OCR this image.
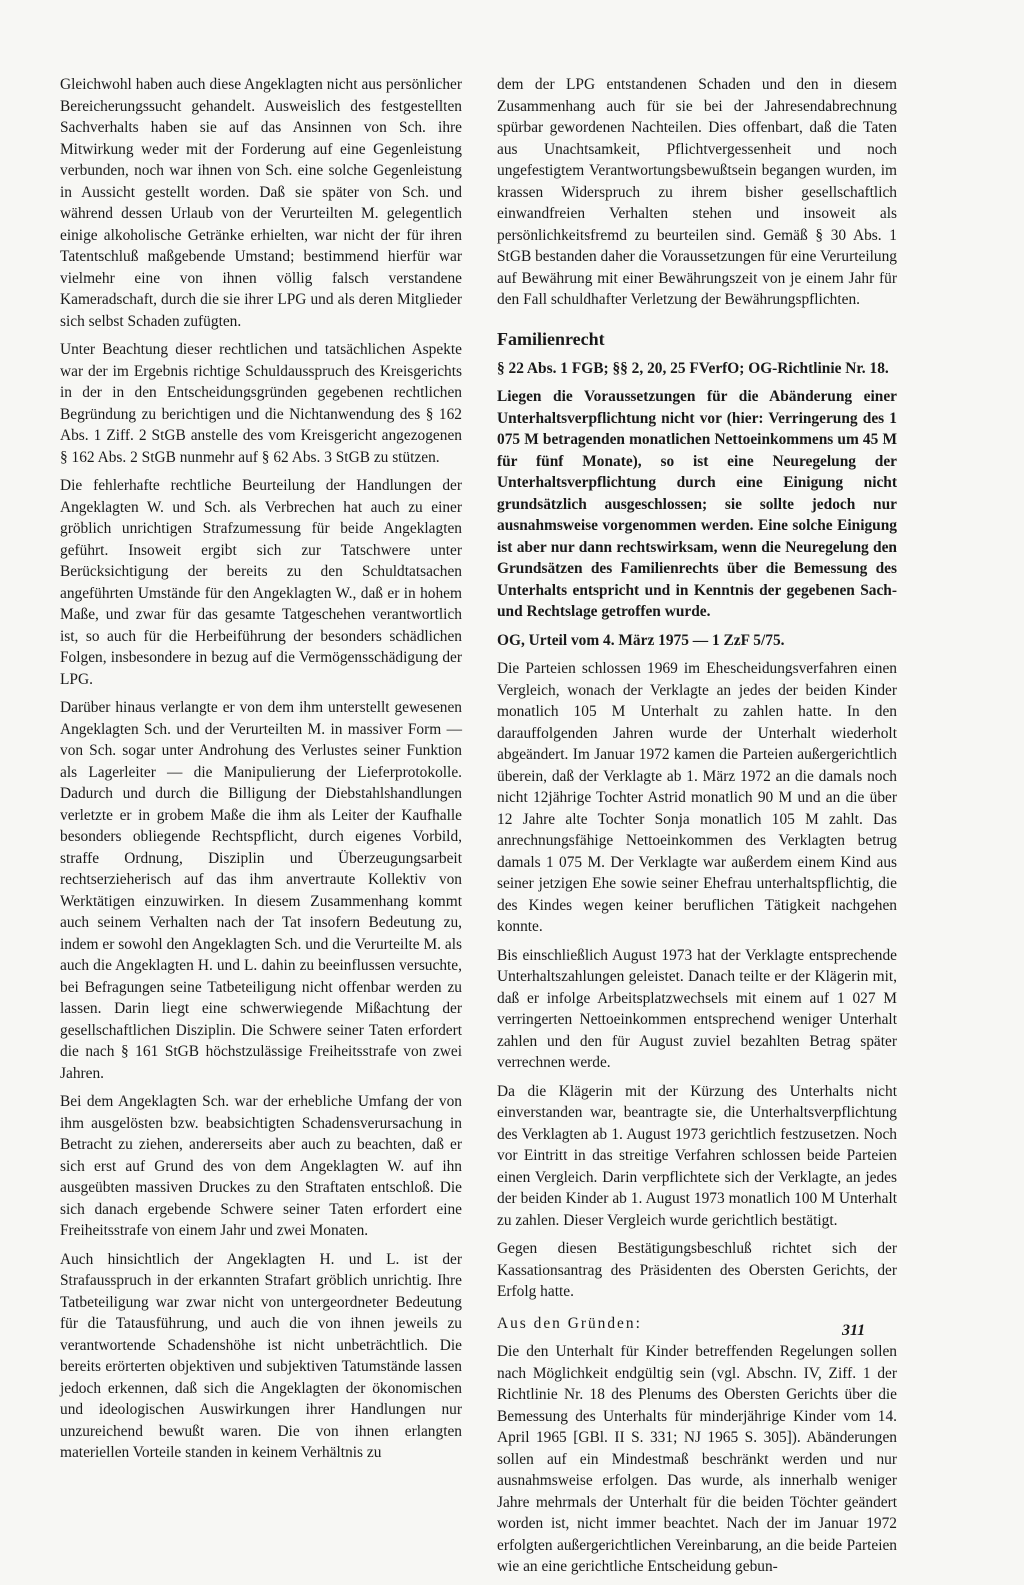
Gleichwohl haben auch diese Angeklagten nicht aus persönlicher Bereicherungssucht gehandelt. Ausweislich des festgestellten Sachverhalts haben sie auf das Ansinnen von Sch. ihre Mitwirkung weder mit der Forderung auf eine Gegenleistung verbunden, noch war ihnen von Sch. eine solche Gegenleistung in Aussicht gestellt worden. Daß sie später von Sch. und während dessen Urlaub von der Verurteilten M. gelegentlich einige alkoholische Getränke erhielten, war nicht der für ihren Tatentschluß maßgebende Umstand; bestimmend hierfür war vielmehr eine von ihnen völlig falsch verstandene Kameradschaft, durch die sie ihrer LPG und als deren Mitglieder sich selbst Schaden zufügten.

Unter Beachtung dieser rechtlichen und tatsächlichen Aspekte war der im Ergebnis richtige Schuldausspruch des Kreisgerichts in der in den Entscheidungsgründen gegebenen rechtlichen Begründung zu berichtigen und die Nichtanwendung des § 162 Abs. 1 Ziff. 2 StGB anstelle des vom Kreisgericht angezogenen § 162 Abs. 2 StGB nunmehr auf § 62 Abs. 3 StGB zu stützen.

Die fehlerhafte rechtliche Beurteilung der Handlungen der Angeklagten W. und Sch. als Verbrechen hat auch zu einer gröblich unrichtigen Strafzumessung für beide Angeklagten geführt. Insoweit ergibt sich zur Tatschwere unter Berücksichtigung der bereits zu den Schuldtatsachen angeführten Umstände für den Angeklagten W., daß er in hohem Maße, und zwar für das gesamte Tatgeschehen verantwortlich ist, so auch für die Herbeiführung der besonders schädlichen Folgen, insbesondere in bezug auf die Vermögensschädigung der LPG.

Darüber hinaus verlangte er von dem ihm unterstellt gewesenen Angeklagten Sch. und der Verurteilten M. in massiver Form — von Sch. sogar unter Androhung des Verlustes seiner Funktion als Lagerleiter — die Manipulierung der Lieferprotokolle. Dadurch und durch die Billigung der Diebstahlshandlungen verletzte er in grobem Maße die ihm als Leiter der Kaufhalle besonders obliegende Rechtspflicht, durch eigenes Vorbild, straffe Ordnung, Disziplin und Überzeugungsarbeit rechtserzieherisch auf das ihm anvertraute Kollektiv von Werktätigen einzuwirken. In diesem Zusammenhang kommt auch seinem Verhalten nach der Tat insofern Bedeutung zu, indem er sowohl den Angeklagten Sch. und die Verurteilte M. als auch die Angeklagten H. und L. dahin zu beeinflussen versuchte, bei Befragungen seine Tatbeteiligung nicht offenbar werden zu lassen. Darin liegt eine schwerwiegende Mißachtung der gesellschaftlichen Disziplin. Die Schwere seiner Taten erfordert die nach § 161 StGB höchstzulässige Freiheitsstrafe von zwei Jahren.

Bei dem Angeklagten Sch. war der erhebliche Umfang der von ihm ausgelösten bzw. beabsichtigten Schadensverursachung in Betracht zu ziehen, andererseits aber auch zu beachten, daß er sich erst auf Grund des von dem Angeklagten W. auf ihn ausgeübten massiven Druckes zu den Straftaten entschloß. Die sich danach ergebende Schwere seiner Taten erfordert eine Freiheitsstrafe von einem Jahr und zwei Monaten.

Auch hinsichtlich der Angeklagten H. und L. ist der Strafausspruch in der erkannten Strafart gröblich unrichtig. Ihre Tatbeteiligung war zwar nicht von untergeordneter Bedeutung für die Tatausführung, und auch die von ihnen jeweils zu verantwortende Schadenshöhe ist nicht unbeträchtlich. Die bereits erörterten objektiven und subjektiven Tatumstände lassen jedoch erkennen, daß sich die Angeklagten der ökonomischen und ideologischen Auswirkungen ihrer Handlungen nur unzureichend bewußt waren. Die von ihnen erlangten materiellen Vorteile standen in keinem Verhältnis zu

dem der LPG entstandenen Schaden und den in diesem Zusammenhang auch für sie bei der Jahresendabrechnung spürbar gewordenen Nachteilen. Dies offenbart, daß die Taten aus Unachtsamkeit, Pflichtvergessenheit und noch ungefestigtem Verantwortungsbewußtsein begangen wurden, im krassen Widerspruch zu ihrem bisher gesellschaftlich einwandfreien Verhalten stehen und insoweit als persönlichkeitsfremd zu beurteilen sind. Gemäß § 30 Abs. 1 StGB bestanden daher die Voraussetzungen für eine Verurteilung auf Bewährung mit einer Bewährungszeit von je einem Jahr für den Fall schuldhafter Verletzung der Bewährungspflichten.

Familienrecht

§ 22 Abs. 1 FGB; §§ 2, 20, 25 FVerfO; OG-Richtlinie Nr. 18.

Liegen die Voraussetzungen für die Abänderung einer Unterhaltsverpflichtung nicht vor (hier: Verringerung des 1 075 M betragenden monatlichen Nettoeinkommens um 45 M für fünf Monate), so ist eine Neuregelung der Unterhaltsverpflichtung durch eine Einigung nicht grundsätzlich ausgeschlossen; sie sollte jedoch nur ausnahmsweise vorgenommen werden. Eine solche Einigung ist aber nur dann rechtswirksam, wenn die Neuregelung den Grundsätzen des Familienrechts über die Bemessung des Unterhalts entspricht und in Kenntnis der gegebenen Sach- und Rechtslage getroffen wurde.

OG, Urteil vom 4. März 1975 — 1 ZzF 5/75.

Die Parteien schlossen 1969 im Ehescheidungsverfahren einen Vergleich, wonach der Verklagte an jedes der beiden Kinder monatlich 105 M Unterhalt zu zahlen hatte. In den darauffolgenden Jahren wurde der Unterhalt wiederholt abgeändert. Im Januar 1972 kamen die Parteien außergerichtlich überein, daß der Verklagte ab 1. März 1972 an die damals noch nicht 12jährige Tochter Astrid monatlich 90 M und an die über 12 Jahre alte Tochter Sonja monatlich 105 M zahlt. Das anrechnungsfähige Nettoeinkommen des Verklagten betrug damals 1 075 M. Der Verklagte war außerdem einem Kind aus seiner jetzigen Ehe sowie seiner Ehefrau unterhaltspflichtig, die des Kindes wegen keiner beruflichen Tätigkeit nachgehen konnte.

Bis einschließlich August 1973 hat der Verklagte entsprechende Unterhaltszahlungen geleistet. Danach teilte er der Klägerin mit, daß er infolge Arbeitsplatzwechsels mit einem auf 1 027 M verringerten Nettoeinkommen entsprechend weniger Unterhalt zahlen und den für August zuviel bezahlten Betrag später verrechnen werde.

Da die Klägerin mit der Kürzung des Unterhalts nicht einverstanden war, beantragte sie, die Unterhaltsverpflichtung des Verklagten ab 1. August 1973 gerichtlich festzusetzen. Noch vor Eintritt in das streitige Verfahren schlossen beide Parteien einen Vergleich. Darin verpflichtete sich der Verklagte, an jedes der beiden Kinder ab 1. August 1973 monatlich 100 M Unterhalt zu zahlen. Dieser Vergleich wurde gerichtlich bestätigt.

Gegen diesen Bestätigungsbeschluß richtet sich der Kassationsantrag des Präsidenten des Obersten Gerichts, der Erfolg hatte.

Aus den Gründen:

Die den Unterhalt für Kinder betreffenden Regelungen sollen nach Möglichkeit endgültig sein (vgl. Abschn. IV, Ziff. 1 der Richtlinie Nr. 18 des Plenums des Obersten Gerichts über die Bemessung des Unterhalts für minderjährige Kinder vom 14. April 1965 [GBl. II S. 331; NJ 1965 S. 305]). Abänderungen sollen auf ein Mindestmaß beschränkt werden und nur ausnahmsweise erfolgen. Das wurde, als innerhalb weniger Jahre mehrmals der Unterhalt für die beiden Töchter geändert worden ist, nicht immer beachtet. Nach der im Januar 1972 erfolgten außergerichtlichen Vereinbarung, an die beide Parteien wie an eine gerichtliche Entscheidung gebun-

311
